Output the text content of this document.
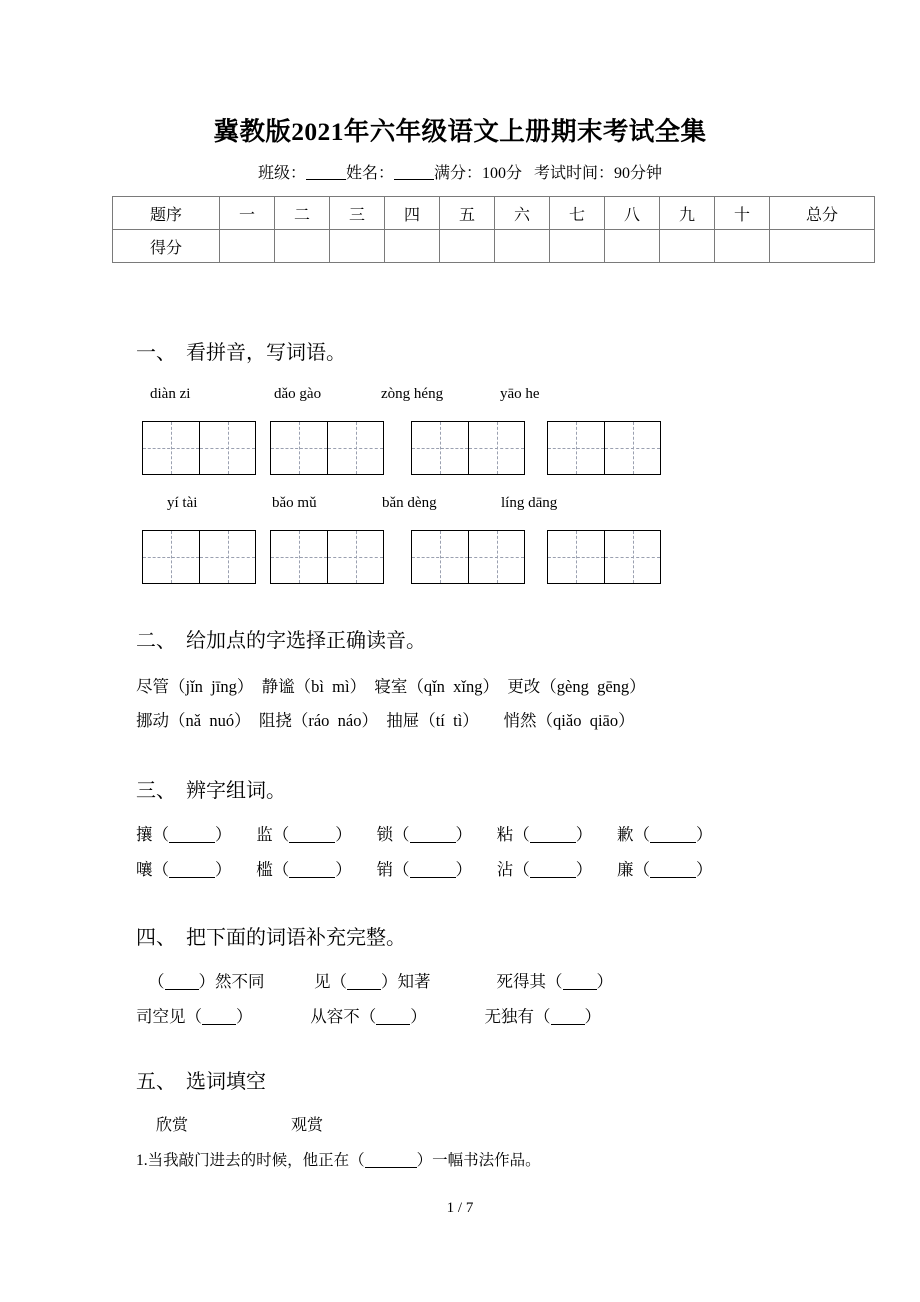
冀教版2021年六年级语文上册期末考试全集
班级：	姓名：	满分：100分 考试时间：90分钟
题序	一	二	三	四	五	六	七	八	九	十	总分
得分											
一、　看拼音，写词语。
diàn zi	dǎo gào	zòng héng	yāo he
yí tài	bǎo mǔ	bǎn dèng	líng dāng
二、　给加点的字选择正确读音。
尽管（jǐn  jīng）　静谧（bì  mì）　寝室（qǐn  xǐng）　更改（gèng  gēng）
挪动（nǎ  nuó）　阻挠（ráo  náo）　抽屉（tí  tì）　　悄然（qiǎo  qiāo）
三、　辨字组词。
攘（	）　　监（	）　　锁（	）　　粘（	）　　歉（	）
嚷（	）　　槛（	）　　销（	）　　沾（	）　　廉（	）
四、　把下面的词语补充完整。
（ ）然不同　　　	见（ ）知著　　　　	死得其（ ）
司空见（ ）　　　　	从容不（ ）　　　　	无独有（ ）
五、　选词填空
欣赏	观赏
1.当我敲门进去的时候，他正在（	）一幅书法作品。
1 / 7
